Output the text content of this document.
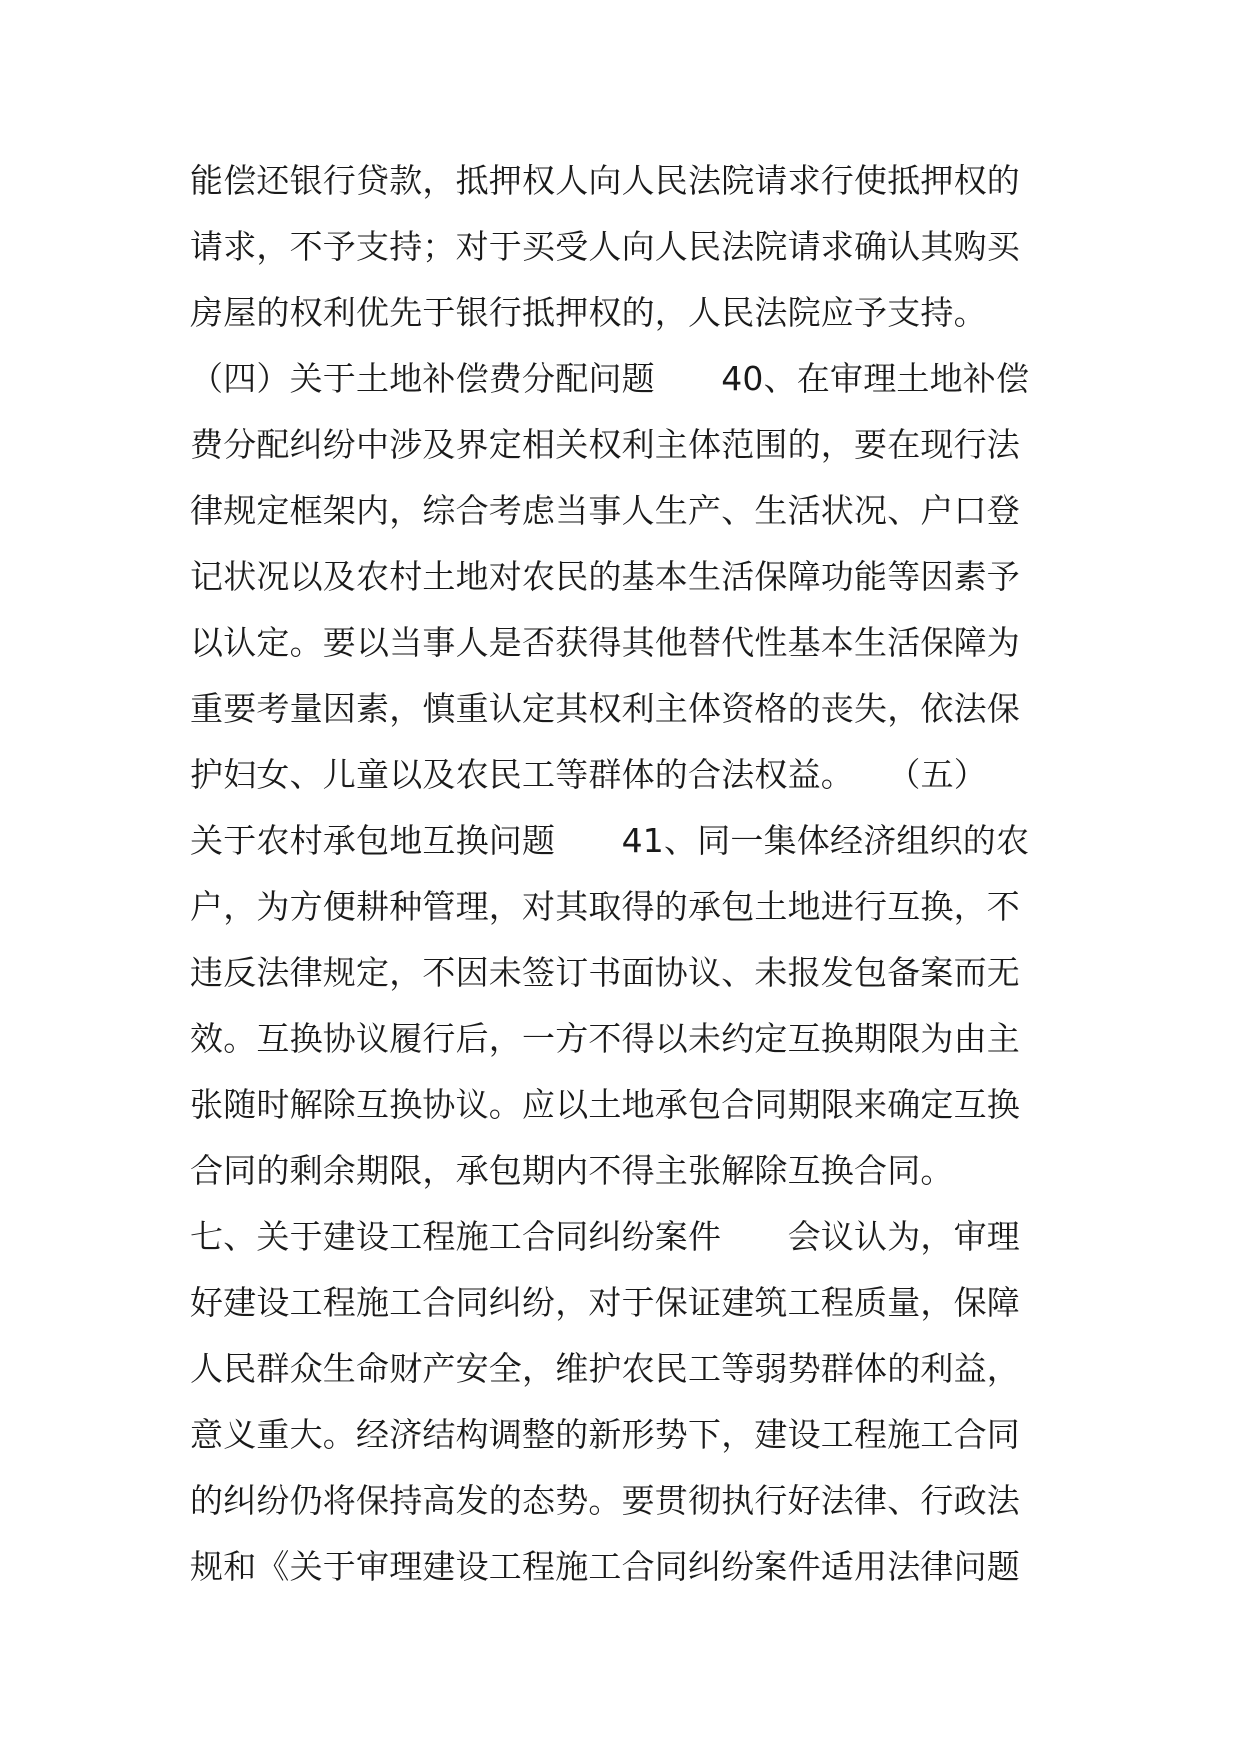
能偿还银行贷款，抵押权人向人民法院请求行使抵押权的
请求，不予支持；对于买受人向人民法院请求确认其购买
房屋的权利优先于银行抵押权的，人民法院应予支持。
（四）关于土地补偿费分配问题　　40、在审理土地补偿
费分配纠纷中涉及界定相关权利主体范围的，要在现行法
律规定框架内，综合考虑当事人生产、生活状况、户口登
记状况以及农村土地对农民的基本生活保障功能等因素予
以认定。要以当事人是否获得其他替代性基本生活保障为
重要考量因素，慎重认定其权利主体资格的丧失，依法保
护妇女、儿童以及农民工等群体的合法权益。　　（五）
关于农村承包地互换问题　　41、同一集体经济组织的农
户，为方便耕种管理，对其取得的承包土地进行互换，不
违反法律规定，不因未签订书面协议、未报发包备案而无
效。互换协议履行后，一方不得以未约定互换期限为由主
张随时解除互换协议。应以土地承包合同期限来确定互换
合同的剩余期限，承包期内不得主张解除互换合同。
七、关于建设工程施工合同纠纷案件　　会议认为，审理
好建设工程施工合同纠纷，对于保证建筑工程质量，保障
人民群众生命财产安全，维护农民工等弱势群体的利益，
意义重大。经济结构调整的新形势下，建设工程施工合同
的纠纷仍将保持高发的态势。要贯彻执行好法律、行政法
规和《关于审理建设工程施工合同纠纷案件适用法律问题
